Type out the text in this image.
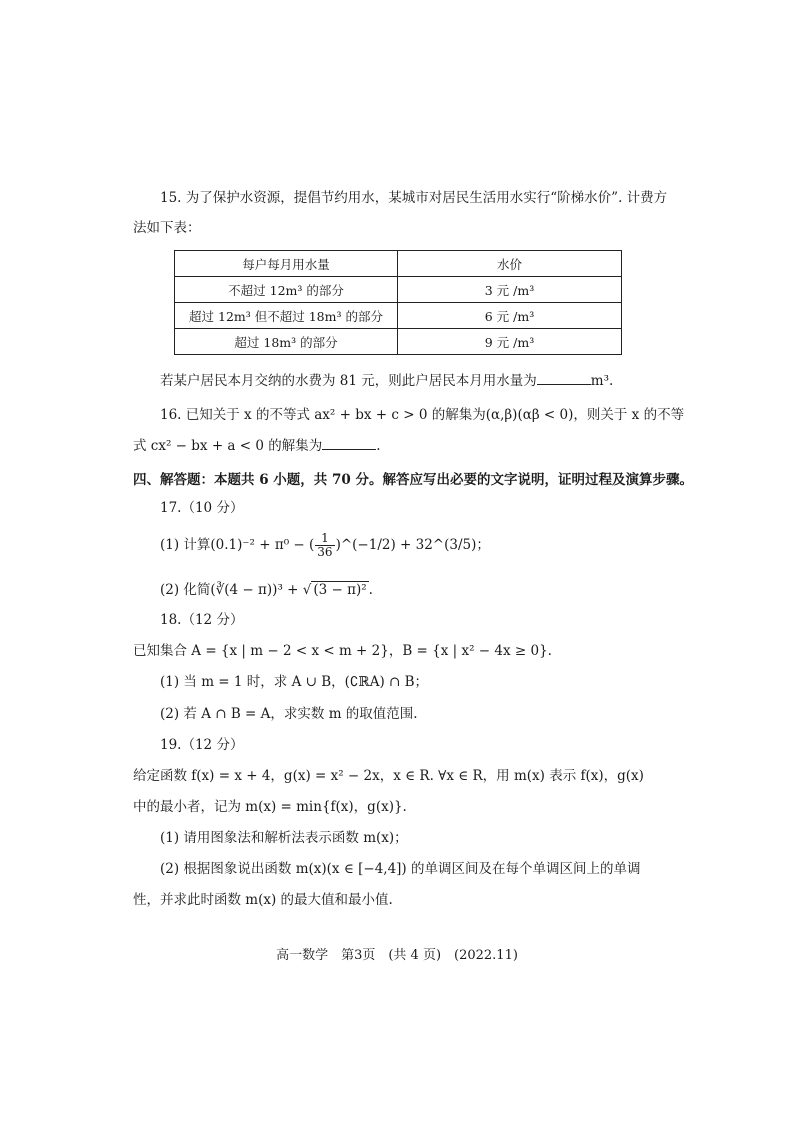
15. 为了保护水资源，提倡节约用水，某城市对居民生活用水实行“阶梯水价”. 计费方
法如下表：
每户每月用水量	水价
不超过 12m³ 的部分	3 元 /m³
超过 12m³ 但不超过 18m³ 的部分	6 元 /m³
超过 18m³ 的部分	9 元 /m³
若某户居民本月交纳的水费为 81 元，则此户居民本月用水量为	m³.
16. 已知关于 x 的不等式 ax² + bx + c > 0 的解集为(α,β)(αβ < 0)，则关于 x 的不等
式 cx² − bx + a < 0 的解集为	.
四、解答题：本题共 6 小题，共 70 分。解答应写出必要的文字说明，证明过程及演算步骤。
17.（10 分）
(1) 计算(0.1)⁻² + π⁰ − ( $\frac{1}{36}$ )^(−1/2) + 32^(3/5)；
(2) 化简(∛(4 − π))³ + √ (3 − π)² .
18.（12 分）
已知集合 A = {x | m − 2 < x < m + 2}，B = {x | x² − 4x ≥ 0}.
(1) 当 m = 1 时，求 A ∪ B，(∁ℝA) ∩ B；
(2) 若 A ∩ B = A，求实数 m 的取值范围.
19.（12 分）
给定函数 f(x) = x + 4，g(x) = x² − 2x，x ∈ R. ∀x ∈ R，用 m(x) 表示 f(x)，g(x)
中的最小者，记为 m(x) = min{f(x)，g(x)}.
(1) 请用图象法和解析法表示函数 m(x)；
(2) 根据图象说出函数 m(x)(x ∈ [−4,4]) 的单调区间及在每个单调区间上的单调
性，并求此时函数 m(x) 的最大值和最小值.
高一数学　第3页　(共 4 页)　(2022.11)
